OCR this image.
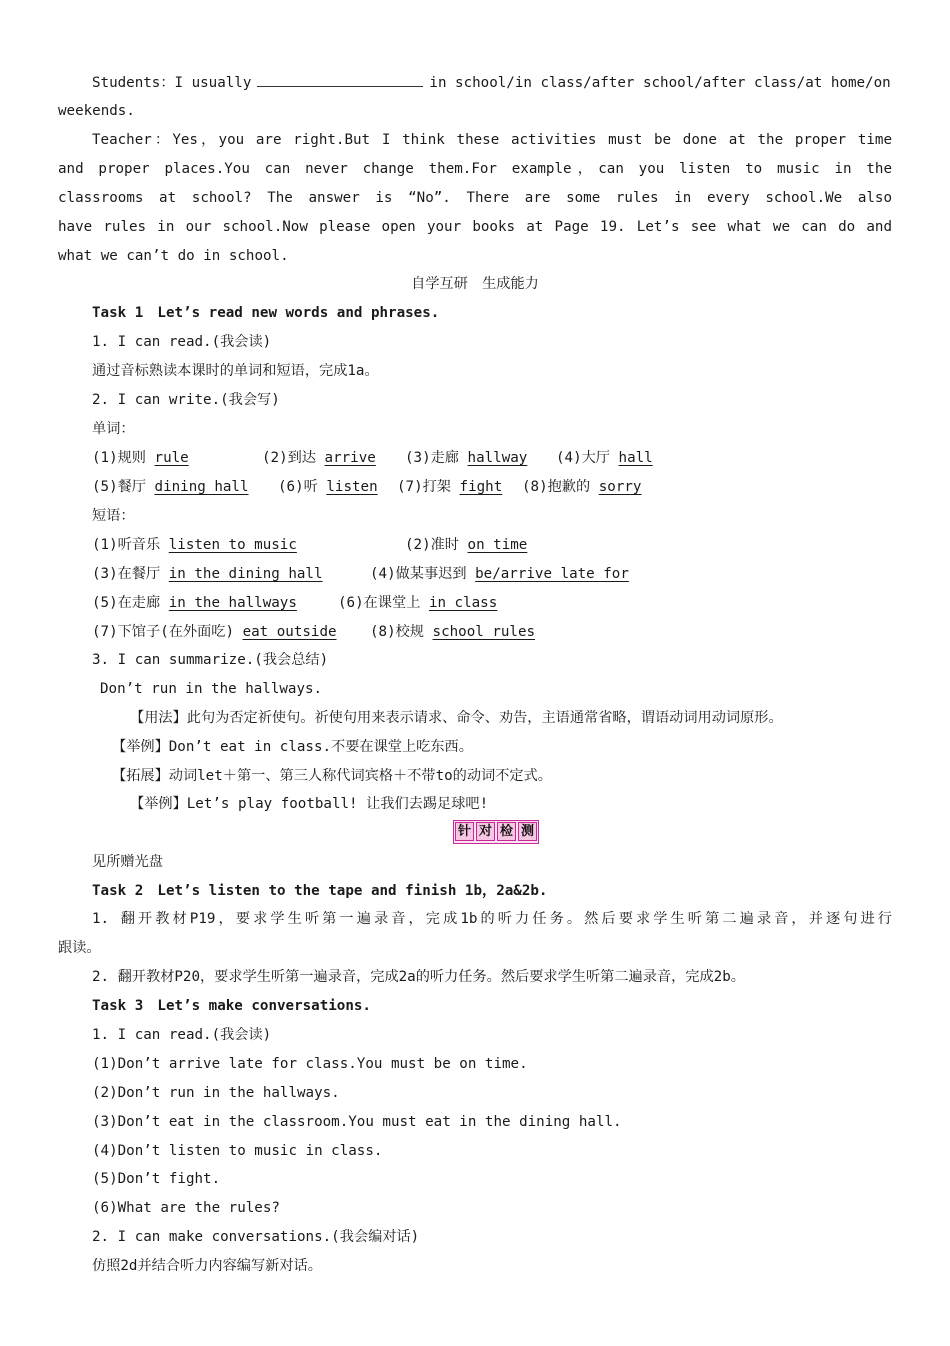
Students：I usually	in school/in class/after school/after class/at home/on
weekends.
Teacher：Yes，you are right.But I think these activities must be done at the proper time
and proper places.You can never change them.For example，can you listen to music in the
classrooms at school? The answer is “No”. There are some rules in every school.We also
have rules in our school.Now please open your books at Page 19. Let’s see what we can do and
what we can’t do in school.
自学互研　生成能力
Task 1　Let’s read new words and phrases.
1. I can read.(我会读)
通过音标熟读本课时的单词和短语，完成1a。
2. I can write.(我会写)
单词：
(1)规则 rule	(2)到达 arrive (3)走廊 hallway (4)大厅 hall
(5)餐厅 dining hall (6)听 listen (7)打架 fight (8)抱歉的 sorry
短语：
(1)听音乐 listen to music	(2)准时 on time
(3)在餐厅 in the dining hall	(4)做某事迟到 be/arrive late for
(5)在走廊 in the hallways	(6)在课堂上 in class
(7)下馆子(在外面吃) eat outside (8)校规 school rules
3. I can summarize.(我会总结)
Don’t run in the hallways.
【用法】此句为否定祈使句。祈使句用来表示请求、命令、劝告，主语通常省略，谓语动词用动词原形。
【举例】Don’t eat in class.不要在课堂上吃东西。
【拓展】动词let＋第一、第三人称代词宾格＋不带to的动词不定式。
【举例】Let’s play football! 让我们去踢足球吧!
针 对 检 测
见所赠光盘
Task 2　Let’s listen to the tape and finish 1b，2a&2b.
1. 翻开教材P19，要求学生听第一遍录音，完成1b的听力任务。然后要求学生听第二遍录音，并逐句进行
跟读。
2. 翻开教材P20，要求学生听第一遍录音，完成2a的听力任务。然后要求学生听第二遍录音，完成2b。
Task 3　Let’s make conversations.
1. I can read.(我会读)
(1)Don’t arrive late for class.You must be on time.
(2)Don’t run in the hallways.
(3)Don’t eat in the classroom.You must eat in the dining hall.
(4)Don’t listen to music in class.
(5)Don’t fight.
(6)What are the rules?
2. I can make conversations.(我会编对话)
仿照2d并结合听力内容编写新对话。
